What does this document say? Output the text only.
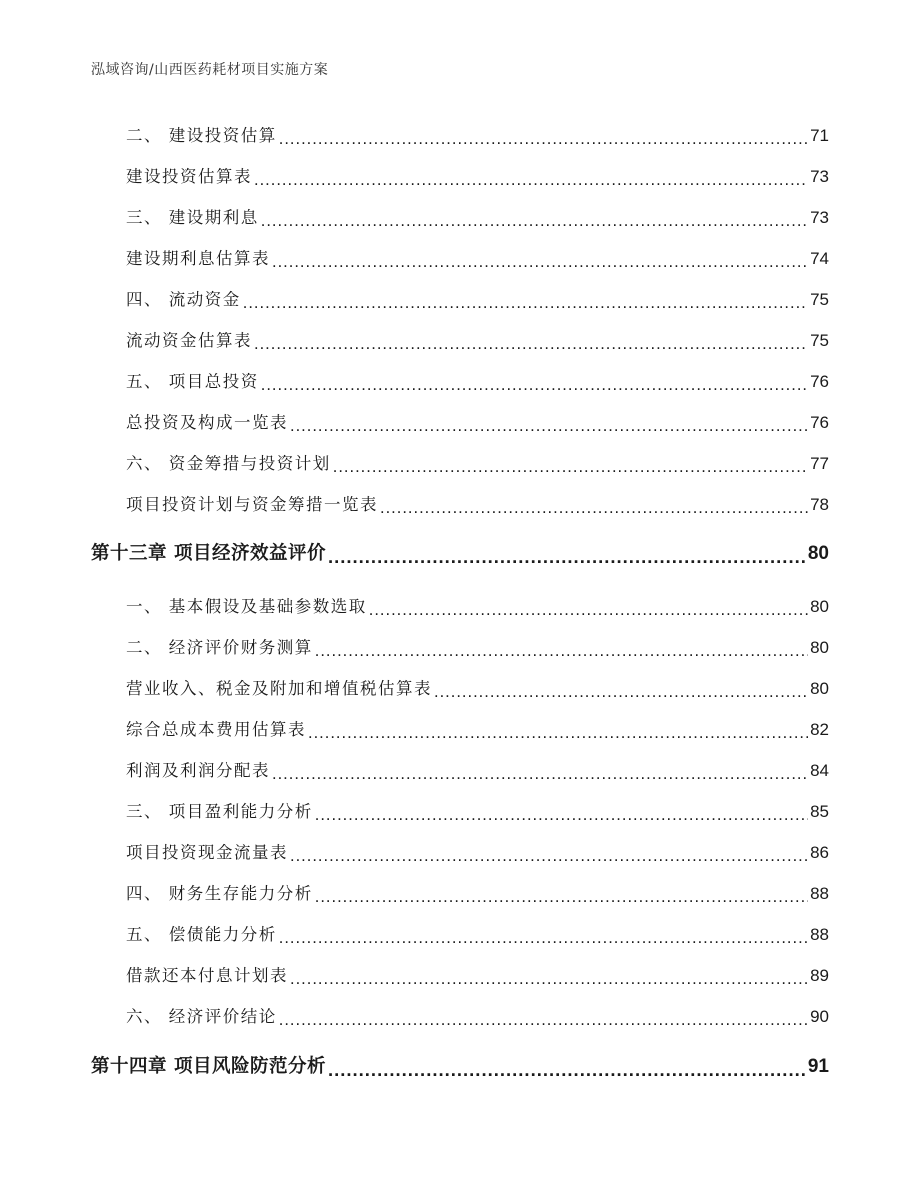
泓域咨询/山西医药耗材项目实施方案
二、 建设投资估算 .....	71
建设投资估算表 .....	73
三、 建设期利息 .....	73
建设期利息估算表 .....	74
四、 流动资金 .....	75
流动资金估算表 .....	75
五、 项目总投资 .....	76
总投资及构成一览表 .....	76
六、 资金筹措与投资计划 .....	77
项目投资计划与资金筹措一览表 .....	78
第十三章 项目经济效益评价 .....	80
一、 基本假设及基础参数选取 .....	80
二、 经济评价财务测算 .....	80
营业收入、税金及附加和增值税估算表 .....	80
综合总成本费用估算表 .....	82
利润及利润分配表 .....	84
三、 项目盈利能力分析 .....	85
项目投资现金流量表 .....	86
四、 财务生存能力分析 .....	88
五、 偿债能力分析 .....	88
借款还本付息计划表 .....	89
六、 经济评价结论 .....	90
第十四章 项目风险防范分析 .....	91
